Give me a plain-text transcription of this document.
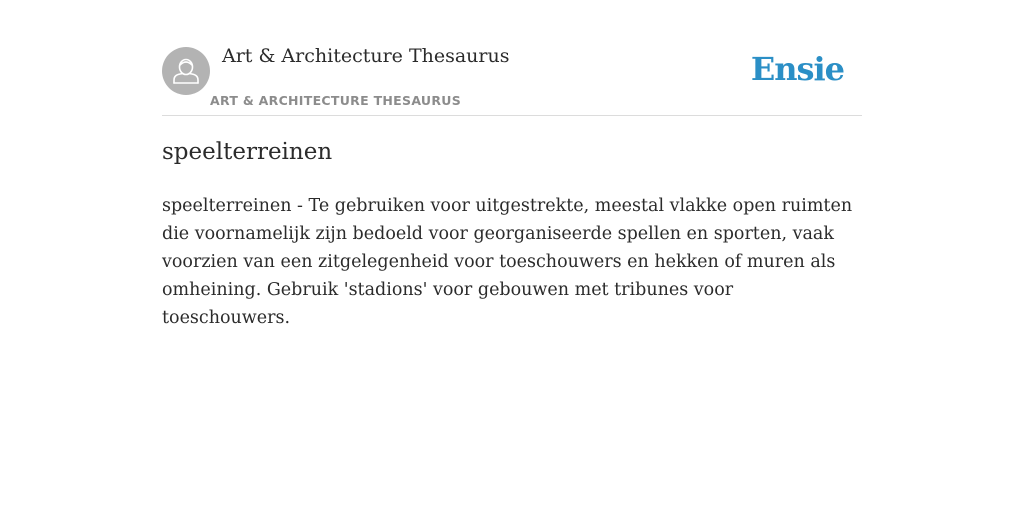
Art & Architecture Thesaurus
ART & ARCHITECTURE THESAURUS
Ensie
speelterreinen

speelterreinen - Te gebruiken voor uitgestrekte, meestal vlakke open ruimten die voornamelijk zijn bedoeld voor georganiseerde spellen en sporten, vaak voorzien van een zitgelegenheid voor toeschouwers en hekken of muren als omheining. Gebruik 'stadions' voor gebouwen met tribunes voor toeschouwers.
